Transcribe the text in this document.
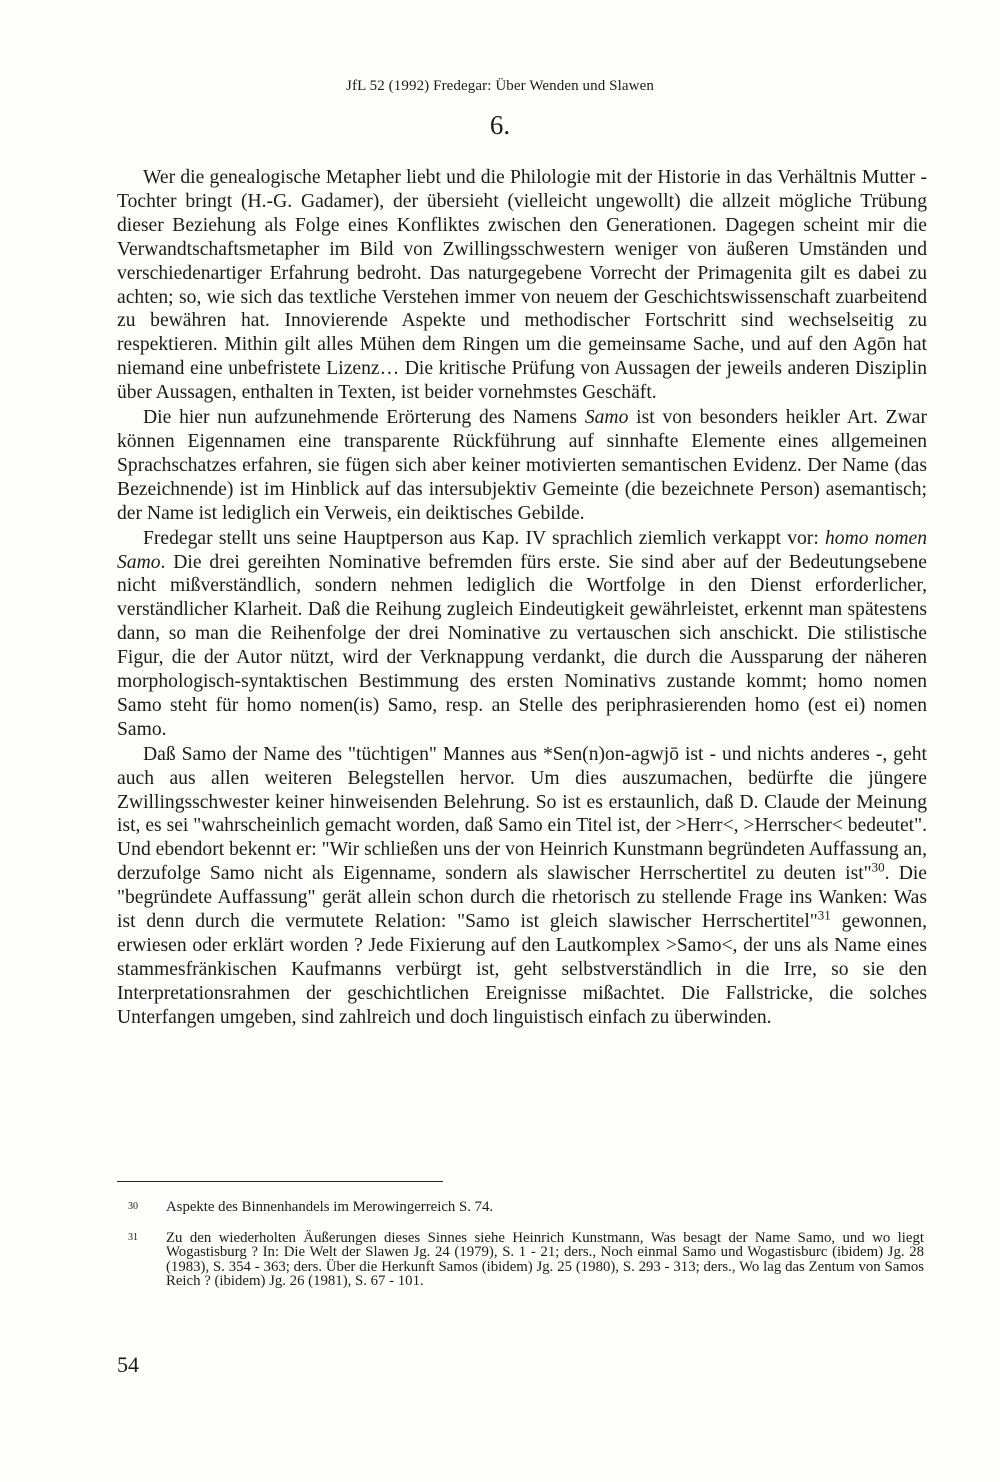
JfL 52 (1992) Fredegar: Über Wenden und Slawen
6.

Wer die genealogische Metapher liebt und die Philologie mit der Historie in das Verhältnis Mutter - Tochter bringt (H.-G. Gadamer), der übersieht (vielleicht ungewollt) die allzeit mögliche Trübung dieser Beziehung als Folge eines Konfliktes zwischen den Generationen. Dagegen scheint mir die Verwandtschaftsmetapher im Bild von Zwillingsschwestern weniger von äußeren Umständen und verschiedenartiger Erfahrung bedroht. Das naturgegebene Vorrecht der Primagenita gilt es dabei zu achten; so, wie sich das textliche Verstehen immer von neuem der Geschichtswissenschaft zuarbeitend zu bewähren hat. Innovierende Aspekte und methodischer Fortschritt sind wechselseitig zu respektieren. Mithin gilt alles Mühen dem Ringen um die gemeinsame Sache, und auf den Agōn hat niemand eine unbefristete Lizenz… Die kritische Prüfung von Aussagen der jeweils anderen Disziplin über Aussagen, enthalten in Texten, ist beider vornehmstes Geschäft.

Die hier nun aufzunehmende Erörterung des Namens Samo ist von besonders heikler Art. Zwar können Eigennamen eine transparente Rückführung auf sinnhafte Elemente eines allgemeinen Sprachschatzes erfahren, sie fügen sich aber keiner motivierten semantischen Evidenz. Der Name (das Bezeichnende) ist im Hinblick auf das intersubjektiv Gemeinte (die bezeichnete Person) asemantisch; der Name ist lediglich ein Verweis, ein deiktisches Gebilde.

Fredegar stellt uns seine Hauptperson aus Kap. IV sprachlich ziemlich verkappt vor: homo nomen Samo. Die drei gereihten Nominative befremden fürs erste. Sie sind aber auf der Bedeutungsebene nicht mißverständlich, sondern nehmen lediglich die Wortfolge in den Dienst erforderlicher, verständlicher Klarheit. Daß die Reihung zugleich Eindeutigkeit gewährleistet, erkennt man spätestens dann, so man die Reihenfolge der drei Nominative zu vertauschen sich anschickt. Die stilistische Figur, die der Autor nützt, wird der Verknappung verdankt, die durch die Aussparung der näheren morphologisch-syntaktischen Bestimmung des ersten Nominativs zustande kommt; homo nomen Samo steht für homo nomen(is) Samo, resp. an Stelle des periphrasierenden homo (est ei) nomen Samo.

Daß Samo der Name des "tüchtigen" Mannes aus *Sen(n)on-agwjō ist - und nichts anderes -, geht auch aus allen weiteren Belegstellen hervor. Um dies auszumachen, bedürfte die jüngere Zwillingsschwester keiner hinweisenden Belehrung. So ist es erstaunlich, daß D. Claude der Meinung ist, es sei "wahrscheinlich gemacht worden, daß Samo ein Titel ist, der >Herr<, >Herrscher< bedeutet". Und ebendort bekennt er: "Wir schließen uns der von Heinrich Kunstmann begründeten Auffassung an, derzufolge Samo nicht als Eigenname, sondern als slawischer Herrschertitel zu deuten ist"$^{30}$. Die "begründete Auffassung" gerät allein schon durch die rhetorisch zu stellende Frage ins Wanken: Was ist denn durch die vermutete Relation: "Samo ist gleich slawischer Herrschertitel"$^{31}$ gewonnen, erwiesen oder erklärt worden ? Jede Fixierung auf den Lautkomplex >Samo<, der uns als Name eines stammesfränkischen Kaufmanns verbürgt ist, geht selbstverständlich in die Irre, so sie den Interpretationsrahmen der geschichtlichen Ereignisse mißachtet. Die Fallstricke, die solches Unterfangen umgeben, sind zahlreich und doch linguistisch einfach zu überwinden.

30	Aspekte des Binnenhandels im Merowingerreich S. 74.
31	Zu den wiederholten Äußerungen dieses Sinnes siehe Heinrich Kunstmann, Was besagt der Name Samo, und wo liegt Wogastisburg ? In: Die Welt der Slawen Jg. 24 (1979), S. 1 - 21; ders., Noch einmal Samo und Wogastisburc (ibidem) Jg. 28 (1983), S. 354 - 363; ders. Über die Herkunft Samos (ibidem) Jg. 25 (1980), S. 293 - 313; ders., Wo lag das Zentum von Samos Reich ? (ibidem) Jg. 26 (1981), S. 67 - 101.
54
